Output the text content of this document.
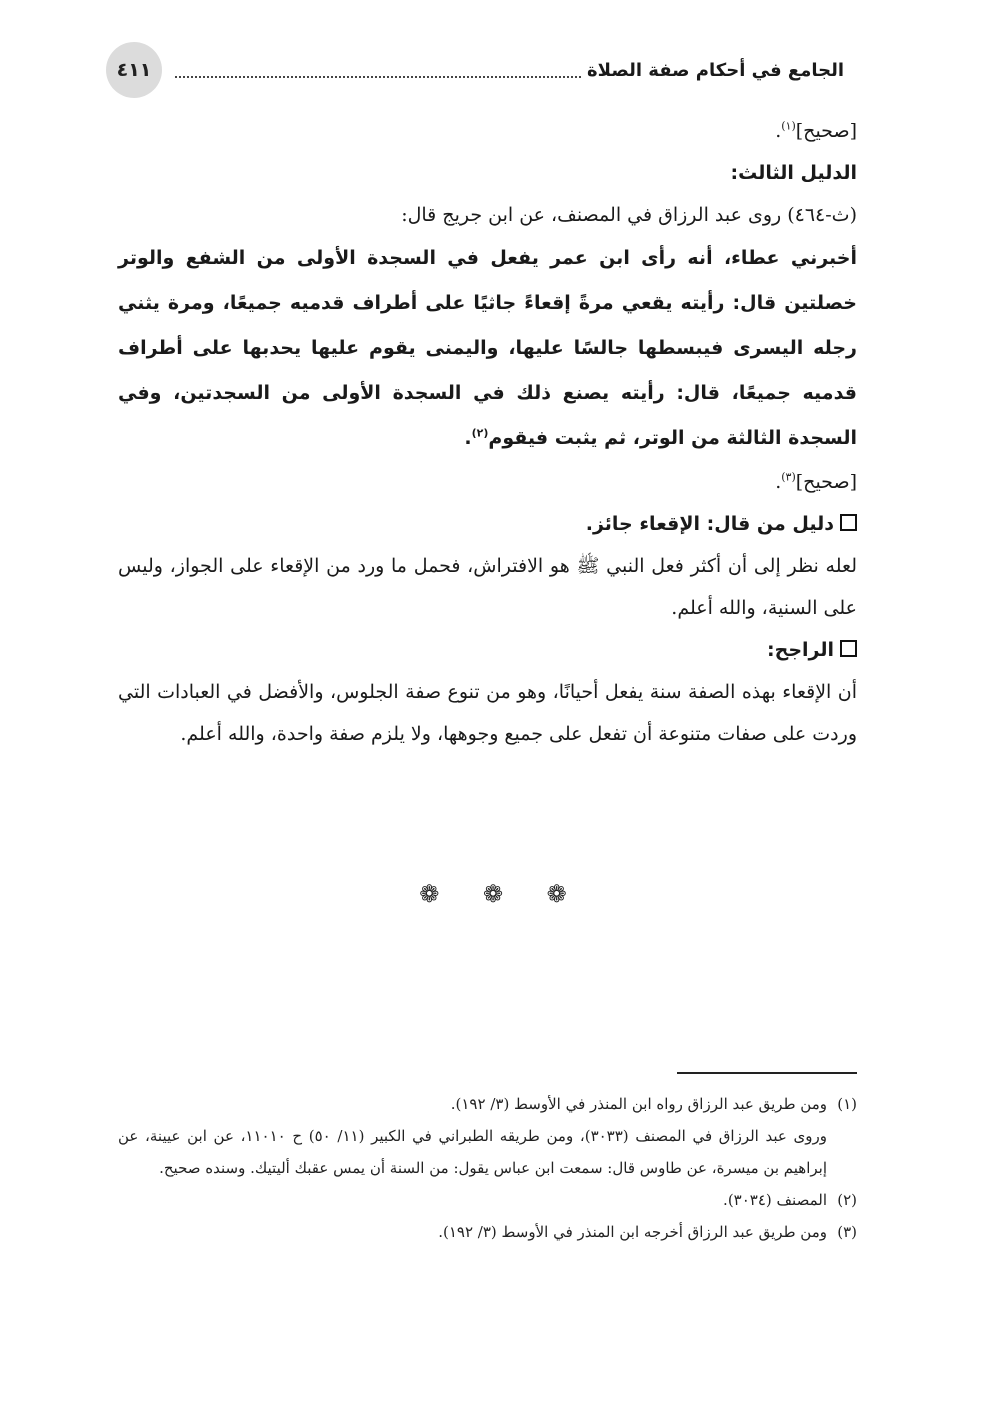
٤١١	الجامع في أحكام صفة الصلاة

[صحيح]$^{(١)}$.

الدليل الثالث:

(ث-٤٦٤) روى عبد الرزاق في المصنف، عن ابن جريج قال:

أخبرني عطاء، أنه رأى ابن عمر يفعل في السجدة الأولى من الشفع والوتر خصلتين قال: رأيته يقعي مرةً إقعاءً جاثيًا على أطراف قدميه جميعًا، ومرة يثني رجله اليسرى فيبسطها جالسًا عليها، واليمنى يقوم عليها يحدبها على أطراف قدميه جميعًا، قال: رأيته يصنع ذلك في السجدة الأولى من السجدتين، وفي السجدة الثالثة من الوتر، ثم يثبت فيقوم$^{(٢)}$.

[صحيح]$^{(٣)}$.

دليل من قال: الإقعاء جائز.

لعله نظر إلى أن أكثر فعل النبي ﷺ هو الافتراش، فحمل ما ورد من الإقعاء على الجواز، وليس على السنية، والله أعلم.

الراجح:

أن الإقعاء بهذه الصفة سنة يفعل أحيانًا، وهو من تنوع صفة الجلوس، والأفضل في العبادات التي وردت على صفات متنوعة أن تفعل على جميع وجوهها، ولا يلزم صفة واحدة، والله أعلم.

❁ ❁ ❁

(١)ومن طريق عبد الرزاق رواه ابن المنذر في الأوسط (٣/ ١٩٢).

وروى عبد الرزاق في المصنف (٣٠٣٣)، ومن طريقه الطبراني في الكبير (١١/ ٥٠) ح ١١٠١٠، عن ابن عيينة، عن إبراهيم بن ميسرة، عن طاوس قال: سمعت ابن عباس يقول: من السنة أن يمس عقبك أليتيك. وسنده صحيح.

(٢)المصنف (٣٠٣٤).

(٣)ومن طريق عبد الرزاق أخرجه ابن المنذر في الأوسط (٣/ ١٩٢).
